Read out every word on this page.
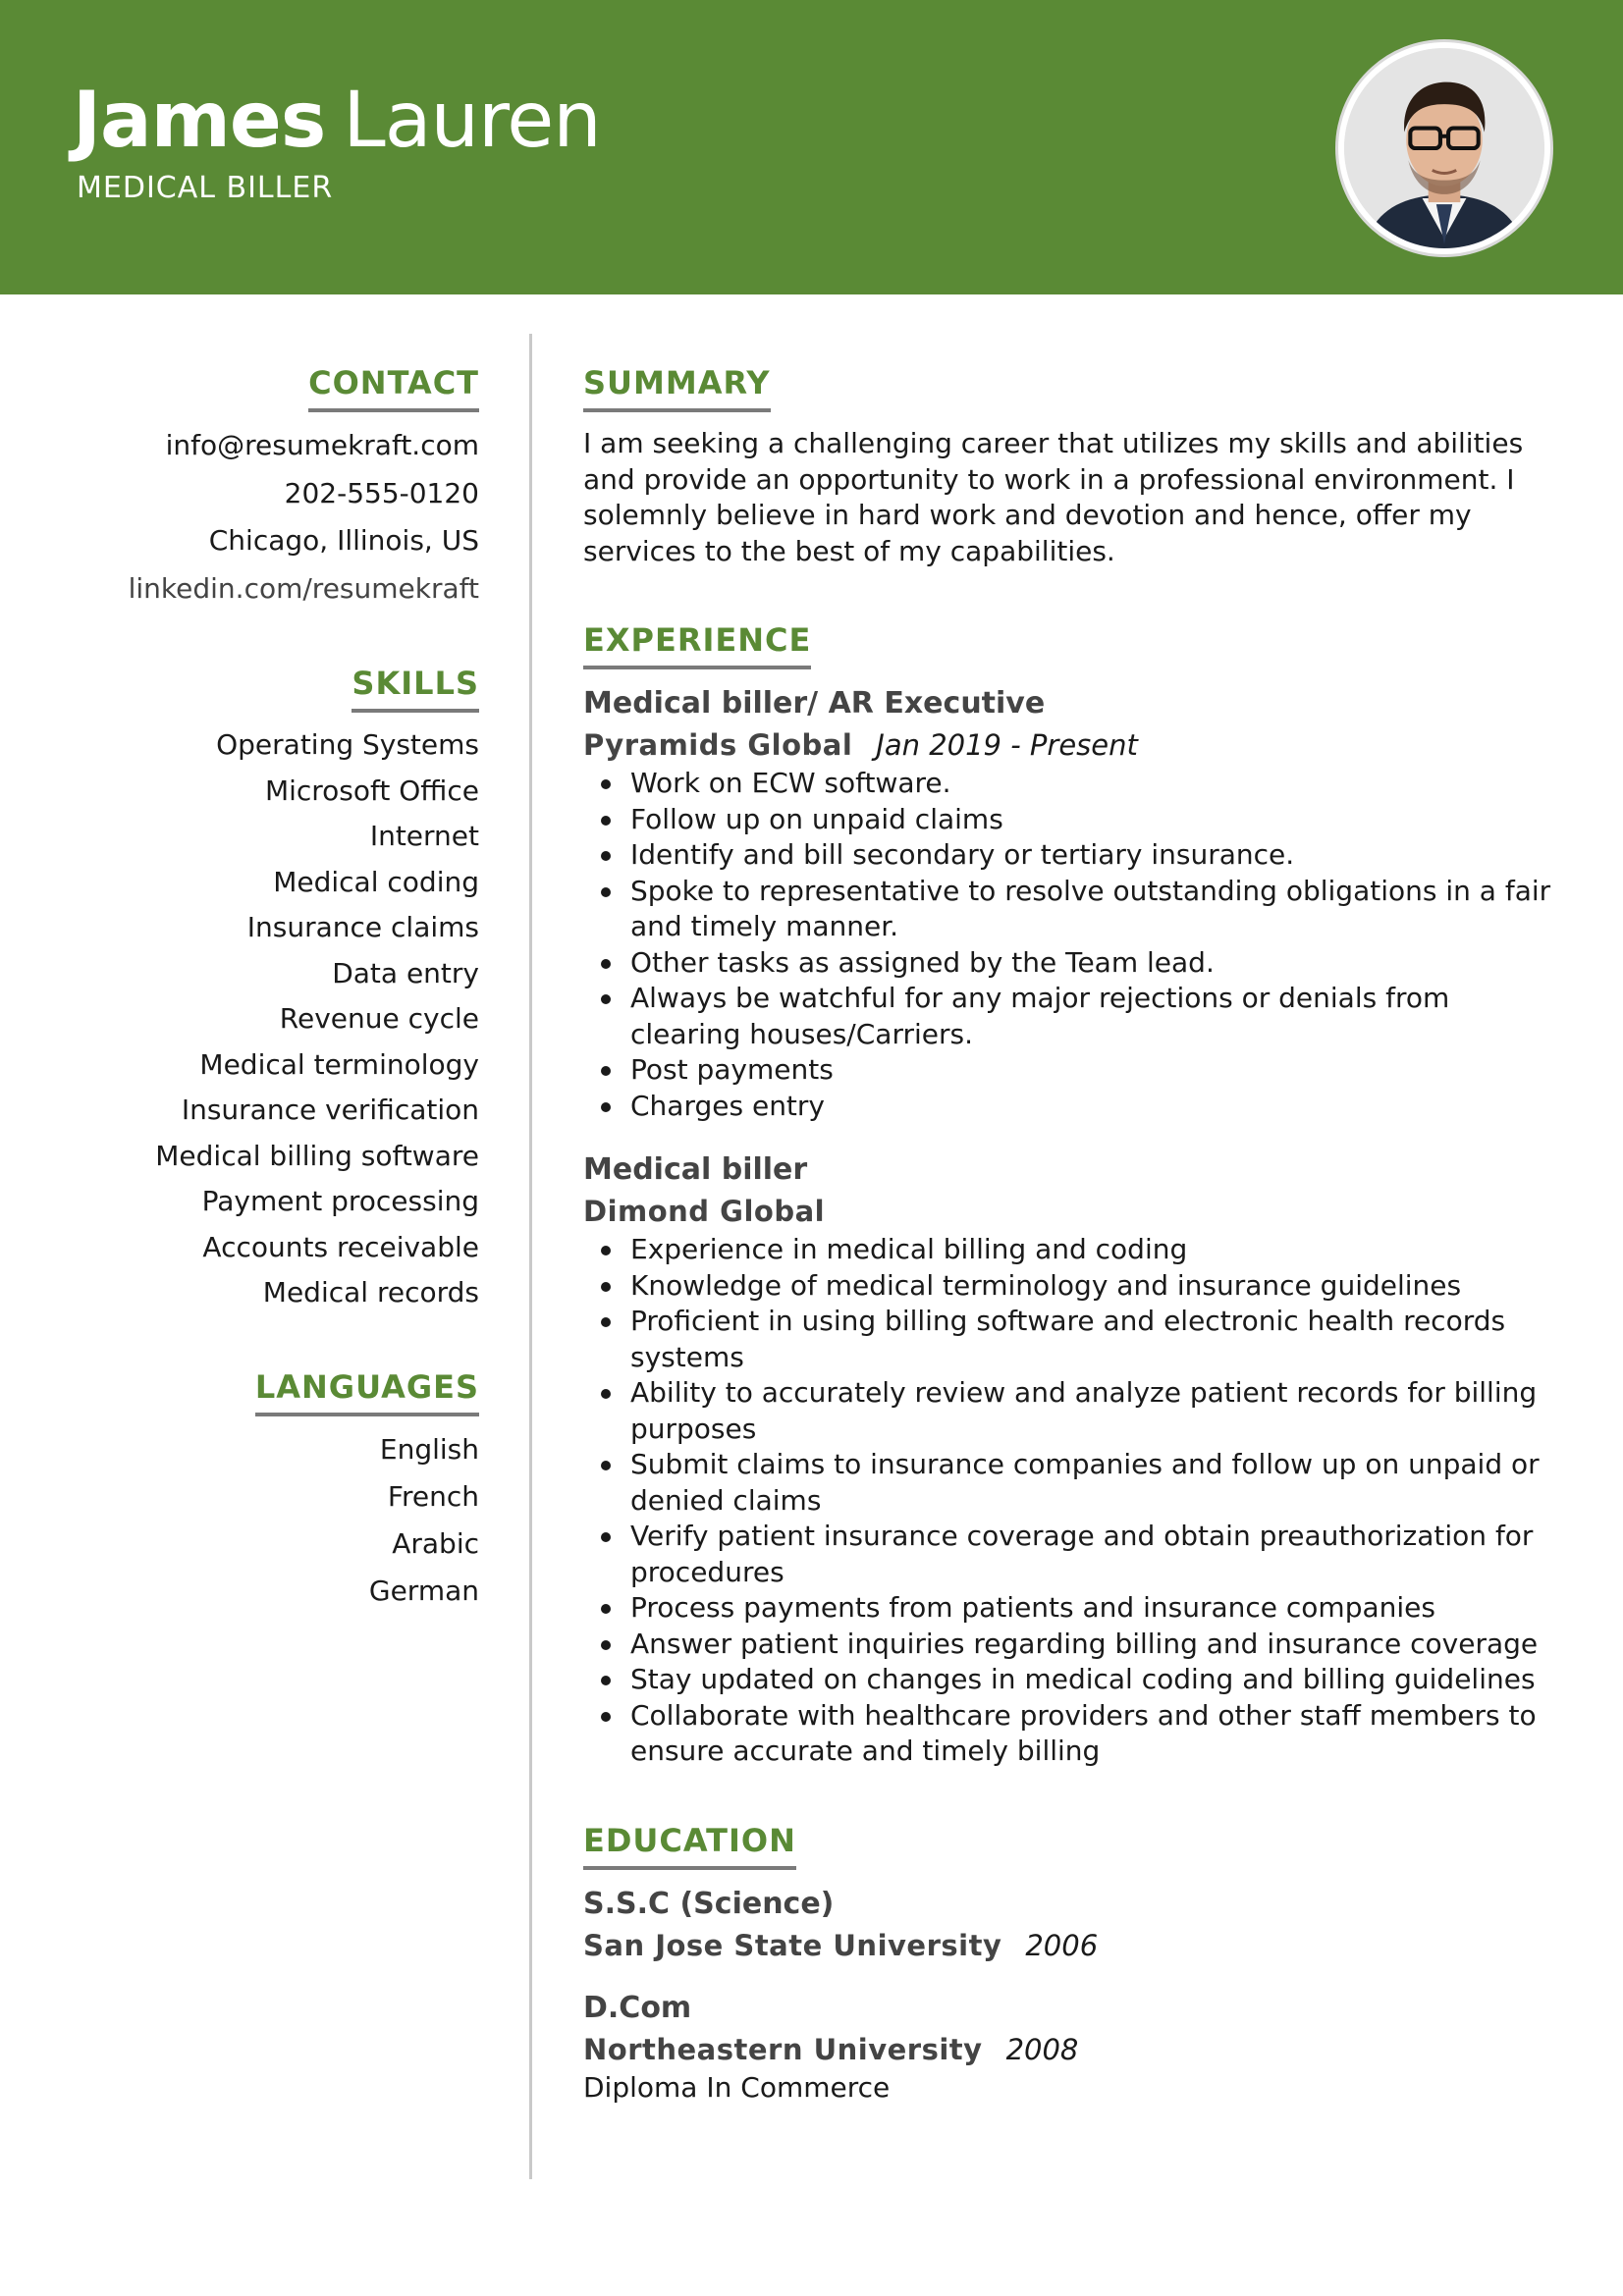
James Lauren
MEDICAL BILLER
CONTACT
info@resumekraft.com
202-555-0120
Chicago, Illinois, US
linkedin.com/resumekraft
SKILLS
Operating Systems
Microsoft Office
Internet
Medical coding
Insurance claims
Data entry
Revenue cycle
Medical terminology
Insurance verification
Medical billing software
Payment processing
Accounts receivable
Medical records
LANGUAGES
English
French
Arabic
German
SUMMARY
I am seeking a challenging career that utilizes my skills and abilities and provide an opportunity to work in a professional environment. I solemnly believe in hard work and devotion and hence, offer my services to the best of my capabilities.
EXPERIENCE
Medical biller/ AR Executive
Pyramids Global Jan 2019 - Present
Work on ECW software.
Follow up on unpaid claims
Identify and bill secondary or tertiary insurance.
Spoke to representative to resolve outstanding obligations in a fair and timely manner.
Other tasks as assigned by the Team lead.
Always be watchful for any major rejections or denials from clearing houses/Carriers.
Post payments
Charges entry
Medical biller
Dimond Global
Experience in medical billing and coding
Knowledge of medical terminology and insurance guidelines
Proficient in using billing software and electronic health records systems
Ability to accurately review and analyze patient records for billing purposes
Submit claims to insurance companies and follow up on unpaid or denied claims
Verify patient insurance coverage and obtain preauthorization for procedures
Process payments from patients and insurance companies
Answer patient inquiries regarding billing and insurance coverage
Stay updated on changes in medical coding and billing guidelines
Collaborate with healthcare providers and other staff members to ensure accurate and timely billing
EDUCATION
S.S.C (Science)
San Jose State University 2006
D.Com
Northeastern University 2008
Diploma In Commerce
